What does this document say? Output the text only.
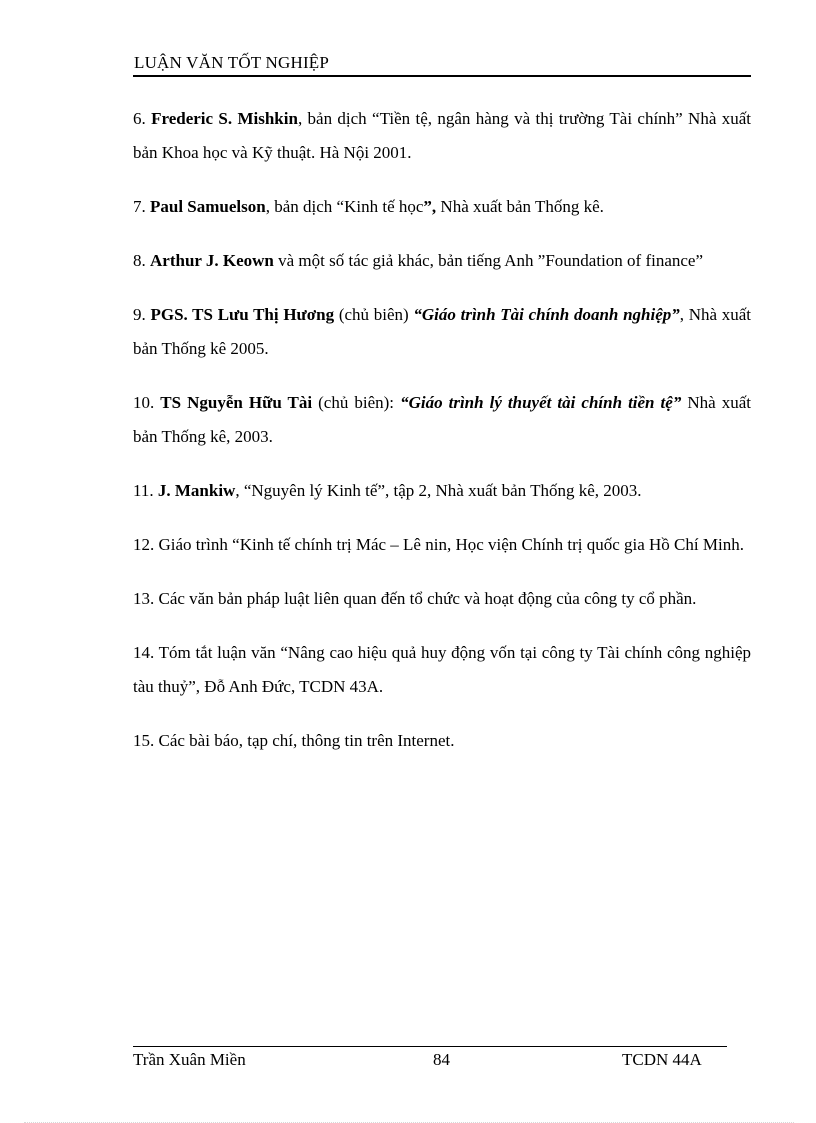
LUẬN VĂN TỐT NGHIỆP

6. Frederic S. Mishkin, bản dịch “Tiền tệ, ngân hàng và thị trường Tài chính” Nhà xuất bản Khoa học và Kỹ thuật. Hà Nội 2001.

7. Paul Samuelson, bản dịch “Kinh tế học”, Nhà xuất bản Thống kê.

8. Arthur J. Keown và một số tác giả khác, bản tiếng Anh ”Foundation of finance”

9. PGS. TS Lưu Thị Hương (chủ biên) “Giáo trình Tài chính doanh nghiệp”, Nhà xuất bản Thống kê 2005.

10. TS Nguyễn Hữu Tài (chủ biên): “Giáo trình lý thuyết tài chính tiền tệ” Nhà xuất bản Thống kê, 2003.

11. J. Mankiw, “Nguyên lý Kinh tế”, tập 2, Nhà xuất bản Thống kê, 2003.

12. Giáo trình “Kinh tế chính trị Mác – Lê nin, Học viện Chính trị quốc gia Hồ Chí Minh.

13. Các văn bản pháp luật liên quan đến tổ chức và hoạt động của công ty cổ phần.

14. Tóm tắt luận văn “Nâng cao hiệu quả huy động vốn tại công ty Tài chính công nghiệp tàu thuỷ”, Đỗ Anh Đức, TCDN 43A.

15. Các bài báo, tạp chí, thông tin trên Internet.

Trần Xuân Miền	84	TCDN 44A
